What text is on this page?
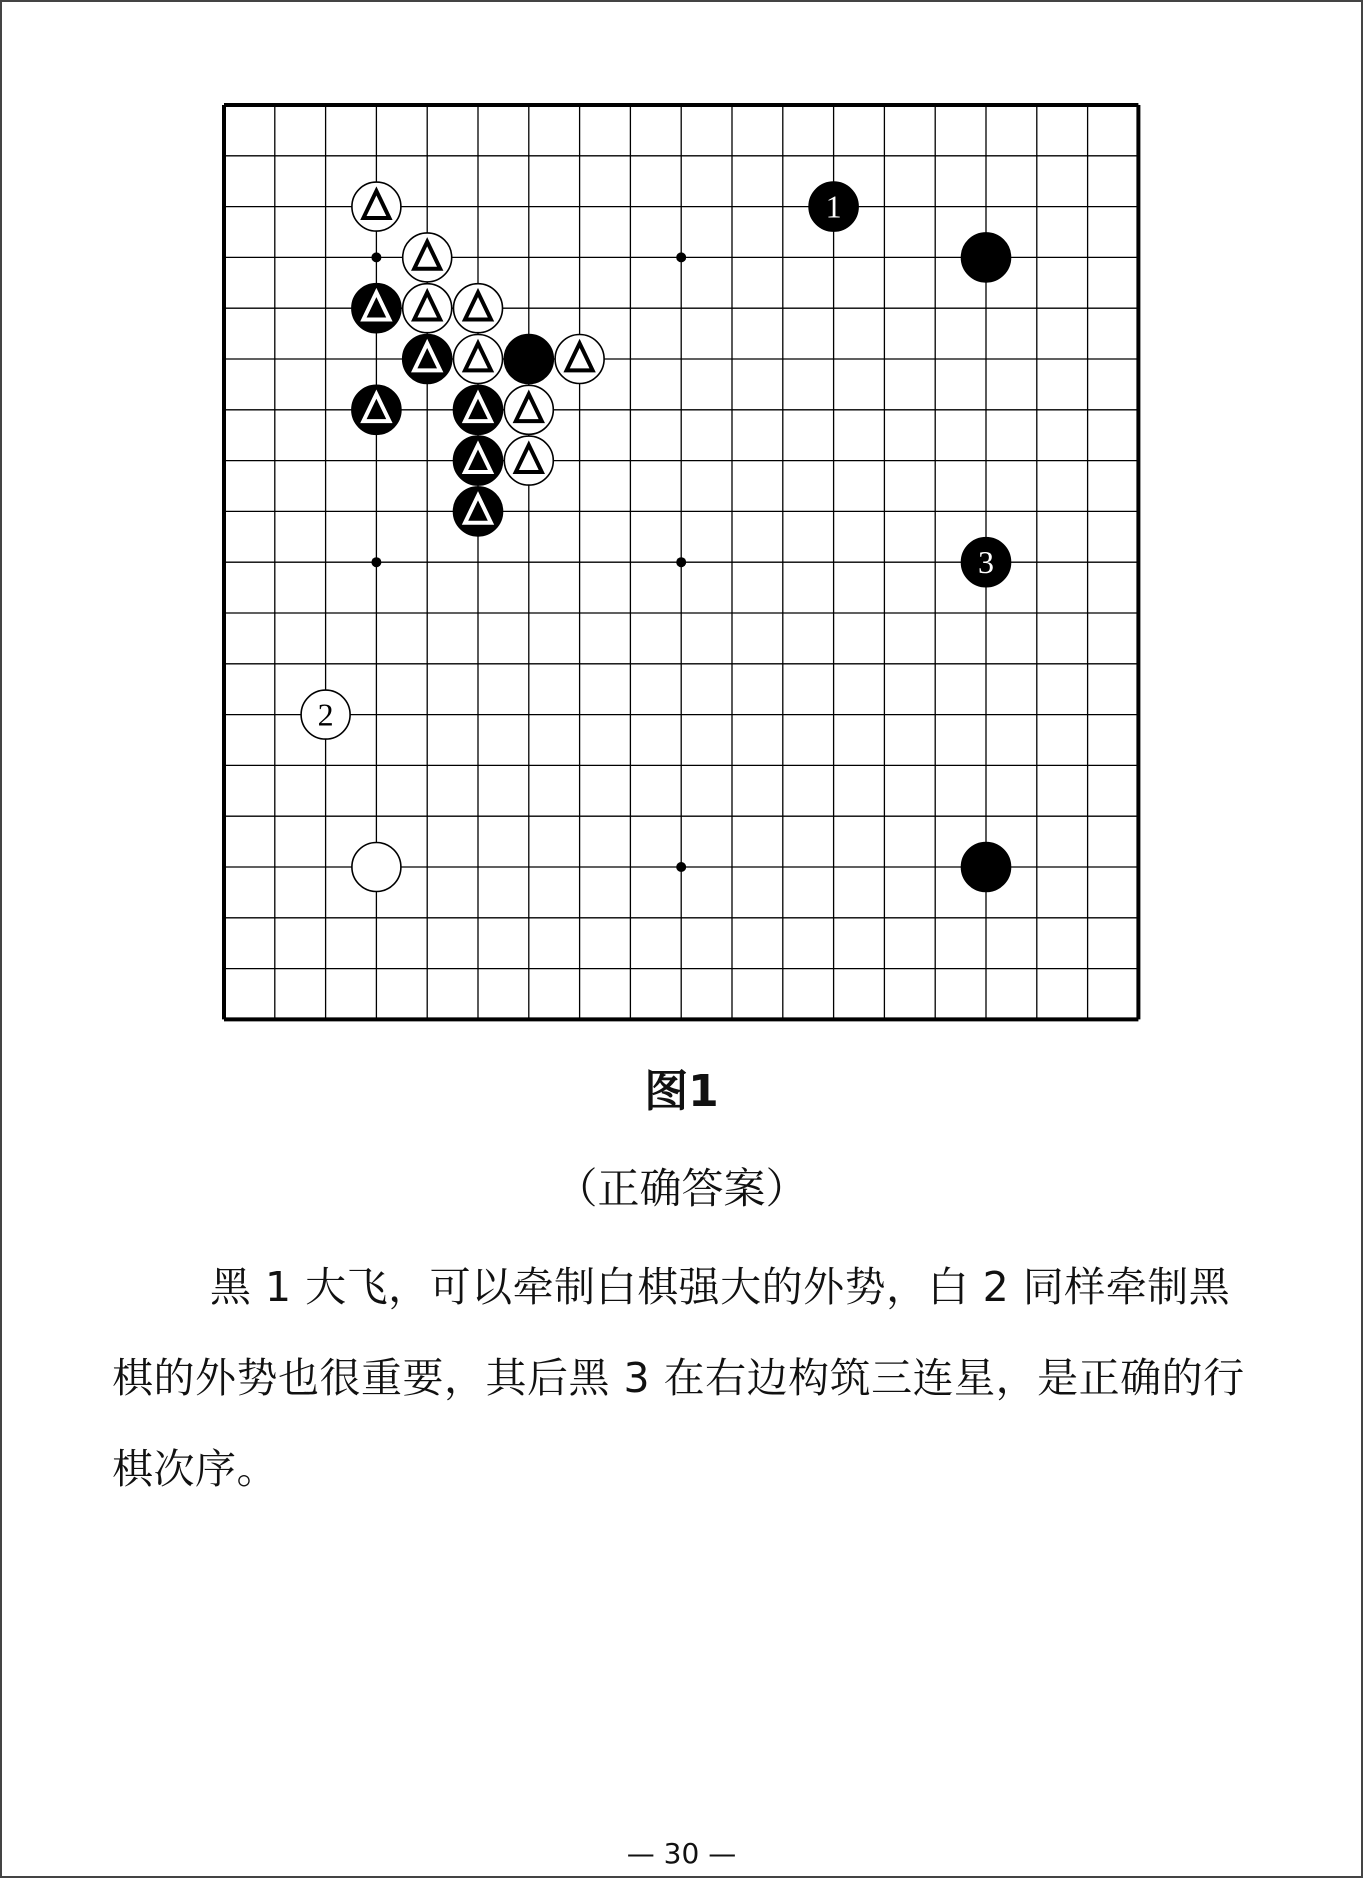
1
3
2
图1
（正确答案）

黑 1 大飞，可以牵制白棋强大的外势，白 2 同样牵制黑棋的外势也很重要，其后黑 3 在右边构筑三连星，是正确的行棋次序。

— 30 —
